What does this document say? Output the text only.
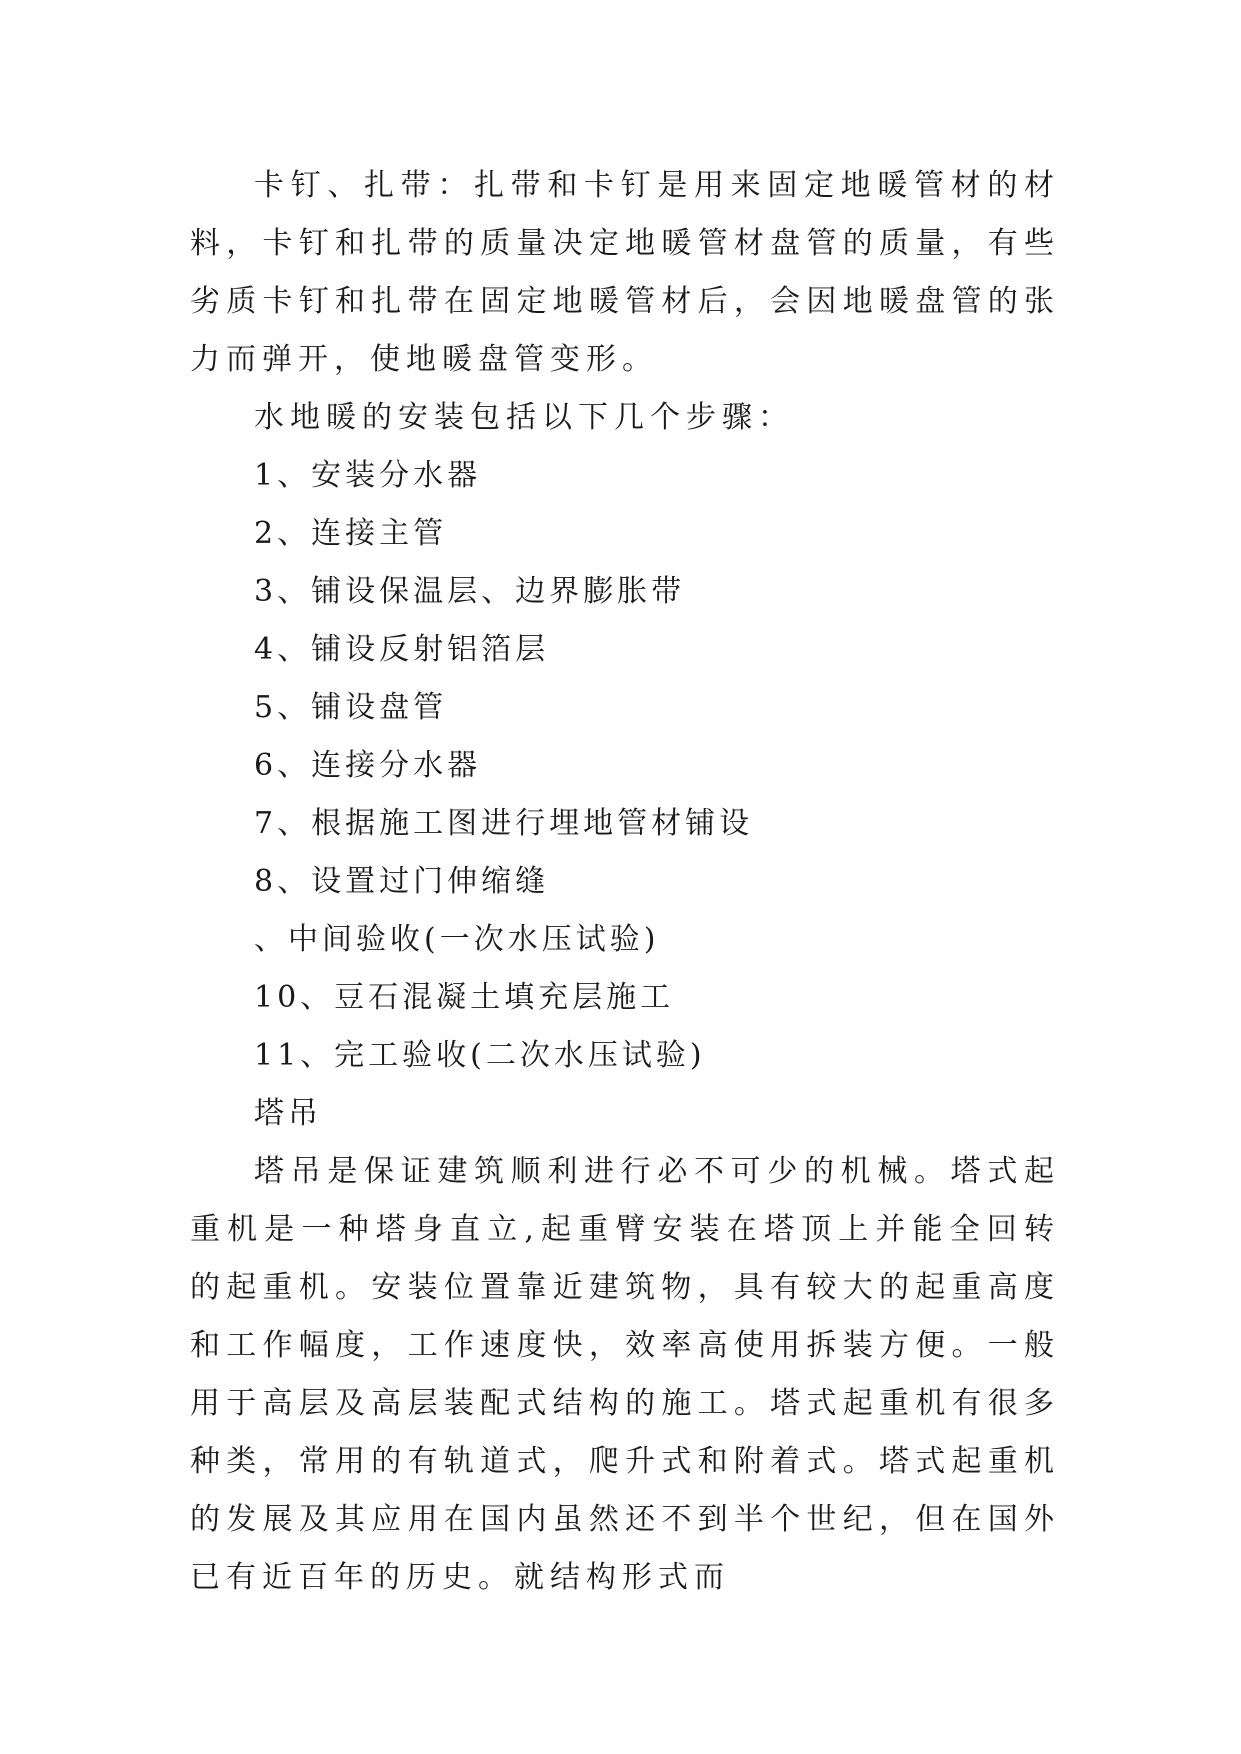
卡钉、扎带：扎带和卡钉是用来固定地暖管材的材料，卡钉和扎带的质量决定地暖管材盘管的质量，有些劣质卡钉和扎带在固定地暖管材后，会因地暖盘管的张力而弹开，使地暖盘管变形。

水地暖的安装包括以下几个步骤：

1、安装分水器

2、连接主管

3、铺设保温层、边界膨胀带

4、铺设反射铝箔层

5、铺设盘管

6、连接分水器

7、根据施工图进行埋地管材铺设

8、设置过门伸缩缝

、中间验收(一次水压试验)

10、豆石混凝土填充层施工

11、完工验收(二次水压试验)

塔吊

塔吊是保证建筑顺利进行必不可少的机械。塔式起重机是一种塔身直立,起重臂安装在塔顶上并能全回转的起重机。安装位置靠近建筑物，具有较大的起重高度和工作幅度，工作速度快，效率高使用拆装方便。一般用于高层及高层装配式结构的施工。塔式起重机有很多种类，常用的有轨道式，爬升式和附着式。塔式起重机的发展及其应用在国内虽然还不到半个世纪，但在国外已有近百年的历史。就结构形式而
